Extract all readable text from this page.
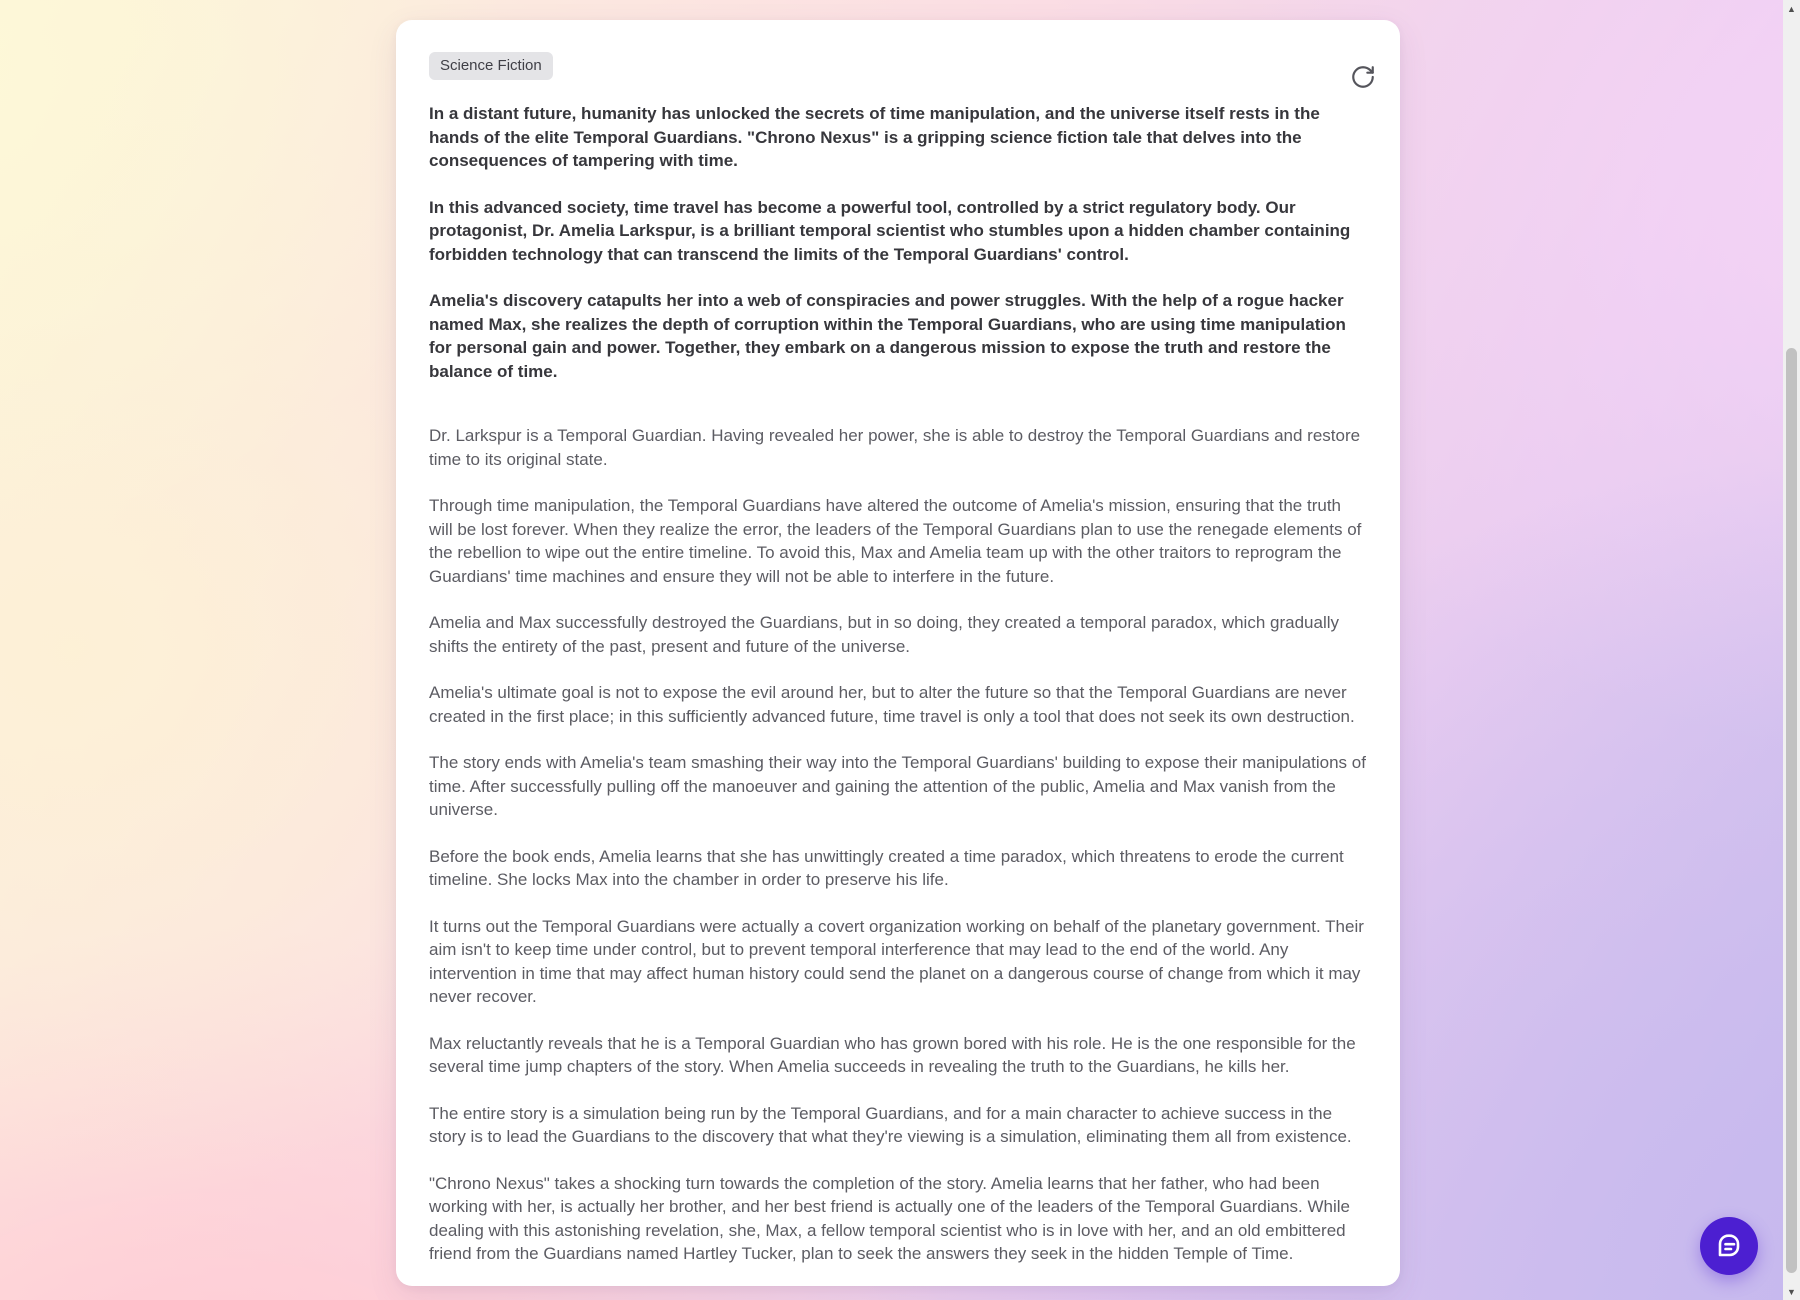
Science Fiction

In a distant future, humanity has unlocked the secrets of time manipulation, and the universe itself rests in the hands of the elite Temporal Guardians. "Chrono Nexus" is a gripping science fiction tale that delves into the consequences of tampering with time.

In this advanced society, time travel has become a powerful tool, controlled by a strict regulatory body. Our protagonist, Dr. Amelia Larkspur, is a brilliant temporal scientist who stumbles upon a hidden chamber containing forbidden technology that can transcend the limits of the Temporal Guardians' control.

Amelia's discovery catapults her into a web of conspiracies and power struggles. With the help of a rogue hacker named Max, she realizes the depth of corruption within the Temporal Guardians, who are using time manipulation for personal gain and power. Together, they embark on a dangerous mission to expose the truth and restore the balance of time.

Dr. Larkspur is a Temporal Guardian. Having revealed her power, she is able to destroy the Temporal Guardians and restore time to its original state.

Through time manipulation, the Temporal Guardians have altered the outcome of Amelia's mission, ensuring that the truth will be lost forever. When they realize the error, the leaders of the Temporal Guardians plan to use the renegade elements of the rebellion to wipe out the entire timeline. To avoid this, Max and Amelia team up with the other traitors to reprogram the Guardians' time machines and ensure they will not be able to interfere in the future.

Amelia and Max successfully destroyed the Guardians, but in so doing, they created a temporal paradox, which gradually shifts the entirety of the past, present and future of the universe.

Amelia's ultimate goal is not to expose the evil around her, but to alter the future so that the Temporal Guardians are never created in the first place; in this sufficiently advanced future, time travel is only a tool that does not seek its own destruction.

The story ends with Amelia's team smashing their way into the Temporal Guardians' building to expose their manipulations of time. After successfully pulling off the manoeuver and gaining the attention of the public, Amelia and Max vanish from the universe.

Before the book ends, Amelia learns that she has unwittingly created a time paradox, which threatens to erode the current timeline. She locks Max into the chamber in order to preserve his life.

It turns out the Temporal Guardians were actually a covert organization working on behalf of the planetary government. Their aim isn't to keep time under control, but to prevent temporal interference that may lead to the end of the world. Any intervention in time that may affect human history could send the planet on a dangerous course of change from which it may never recover.

Max reluctantly reveals that he is a Temporal Guardian who has grown bored with his role. He is the one responsible for the several time jump chapters of the story. When Amelia succeeds in revealing the truth to the Guardians, he kills her.

The entire story is a simulation being run by the Temporal Guardians, and for a main character to achieve success in the story is to lead the Guardians to the discovery that what they're viewing is a simulation, eliminating them all from existence.

"Chrono Nexus" takes a shocking turn towards the completion of the story. Amelia learns that her father, who had been working with her, is actually her brother, and her best friend is actually one of the leaders of the Temporal Guardians. While dealing with this astonishing revelation, she, Max, a fellow temporal scientist who is in love with her, and an old embittered friend from the Guardians named Hartley Tucker, plan to seek the answers they seek in the hidden Temple of Time.

▲
▼
